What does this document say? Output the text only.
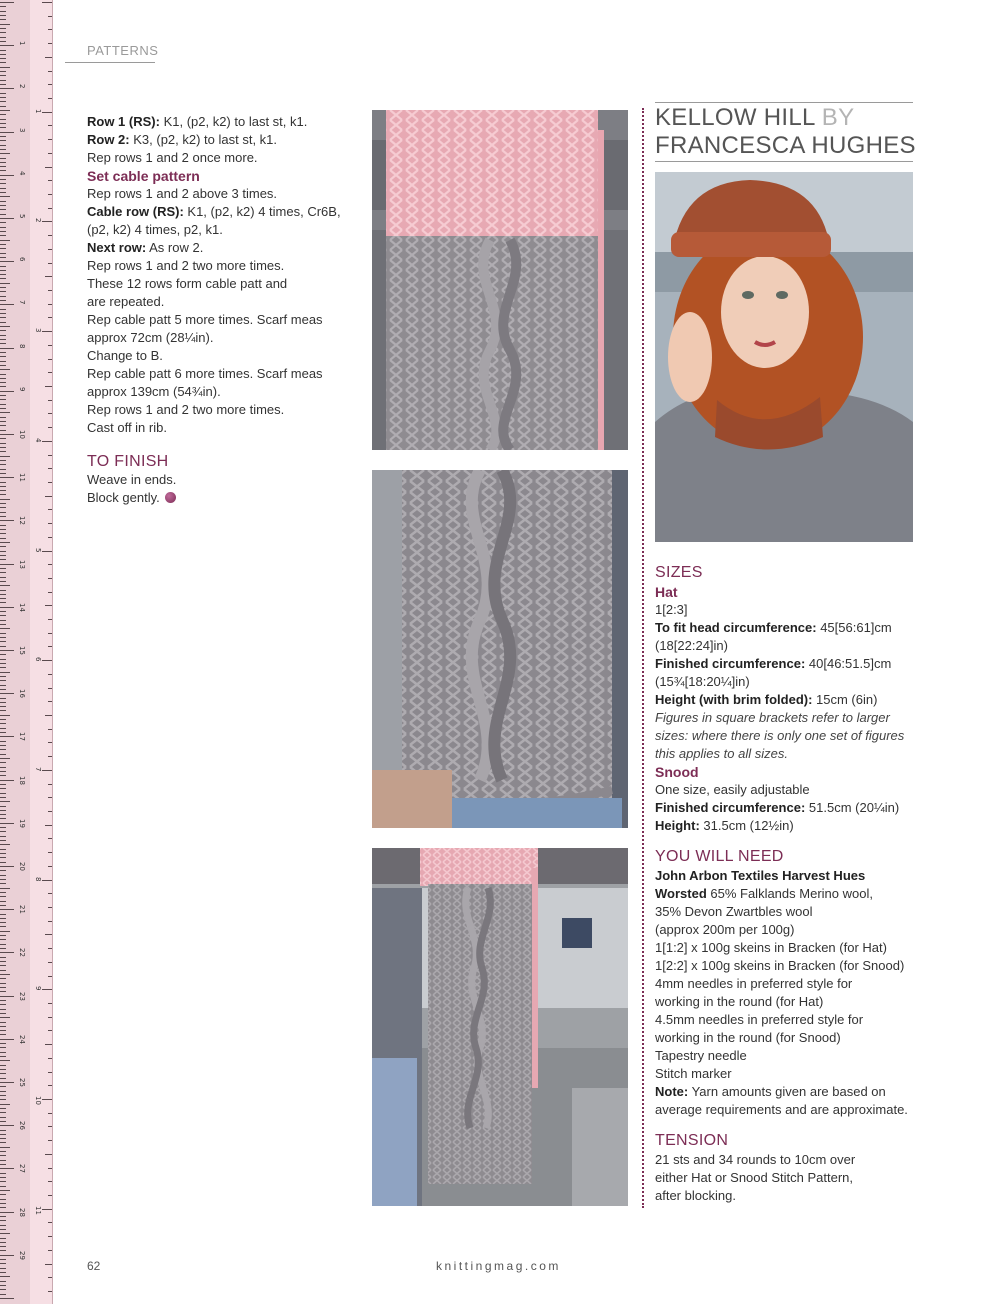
1
2
3
4
5
6
7
8
9
10
11
12
13
14
15
16
17
18
19
20
21
22
23
24
25
26
27
28
29
1
2
3
4
5
6
7
8
9
10
11
PATTERNS

Row 1 (RS): K1, (p2, k2) to last st, k1.

Row 2: K3, (p2, k2) to last st, k1.

Rep rows 1 and 2 once more.

Set cable pattern

Rep rows 1 and 2 above 3 times.

Cable row (RS): K1, (p2, k2) 4 times, Cr6B, (p2, k2) 4 times, p2, k1.

Next row: As row 2.

Rep rows 1 and 2 two more times.

These 12 rows form cable patt and

are repeated.

Rep cable patt 5 more times. Scarf meas

approx 72cm (28¼in).

Change to B.

Rep cable patt 6 more times. Scarf meas

approx 139cm (54¾in).

Rep rows 1 and 2 two more times.

Cast off in rib.

TO FINISH

Weave in ends.

Block gently.

KELLOW HILL BY
FRANCESCA HUGHES

SIZES

Hat

1[2:3]

To fit head circumference: 45[56:61]cm (18[22:24]in)

Finished circumference: 40[46:51.5]cm (15¾[18:20¼]in)

Height (with brim folded): 15cm (6in)

Figures in square brackets refer to larger sizes: where there is only one set of figures this applies to all sizes.

Snood

One size, easily adjustable

Finished circumference: 51.5cm (20¼in)

Height: 31.5cm (12½in)

YOU WILL NEED

John Arbon Textiles Harvest Hues

Worsted 65% Falklands Merino wool,

35% Devon Zwartbles wool

(approx 200m per 100g)

1[1:2] x 100g skeins in Bracken (for Hat)

1[2:2] x 100g skeins in Bracken (for Snood)

4mm needles in preferred style for

working in the round (for Hat)

4.5mm needles in preferred style for

working in the round (for Snood)

Tapestry needle

Stitch marker

Note: Yarn amounts given are based on average requirements and are approximate.

TENSION

21 sts and 34 rounds to 10cm over

either Hat or Snood Stitch Pattern,

after blocking.

62	knittingmag.com
